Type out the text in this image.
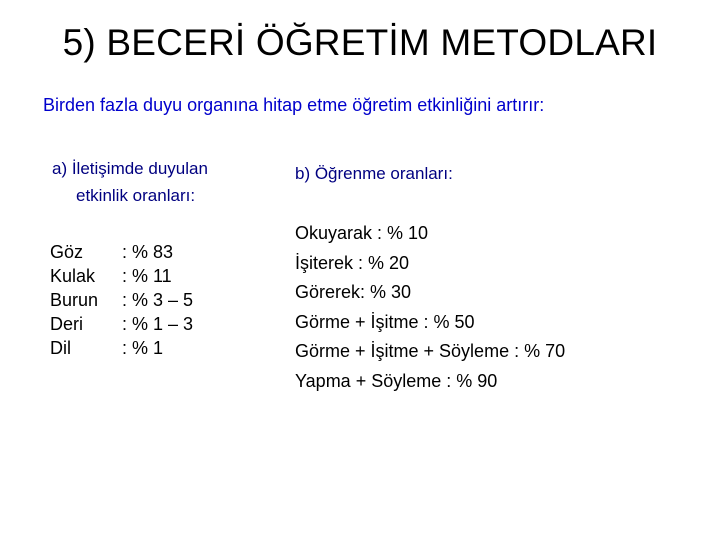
5) BECERİ ÖĞRETİM METODLARI
Birden fazla duyu organına hitap etme öğretim etkinliğini artırır:
a) İletişimde duyulan
etkinlik oranları:
Göz : % 83
Kulak : % 11
Burun : % 3 – 5
Deri : % 1 – 3
Dil	: % 1
b) Öğrenme oranları:
Okuyarak : % 10
İşiterek : % 20
Görerek: % 30
Görme + İşitme : % 50
Görme + İşitme + Söyleme : % 70
Yapma + Söyleme : % 90
